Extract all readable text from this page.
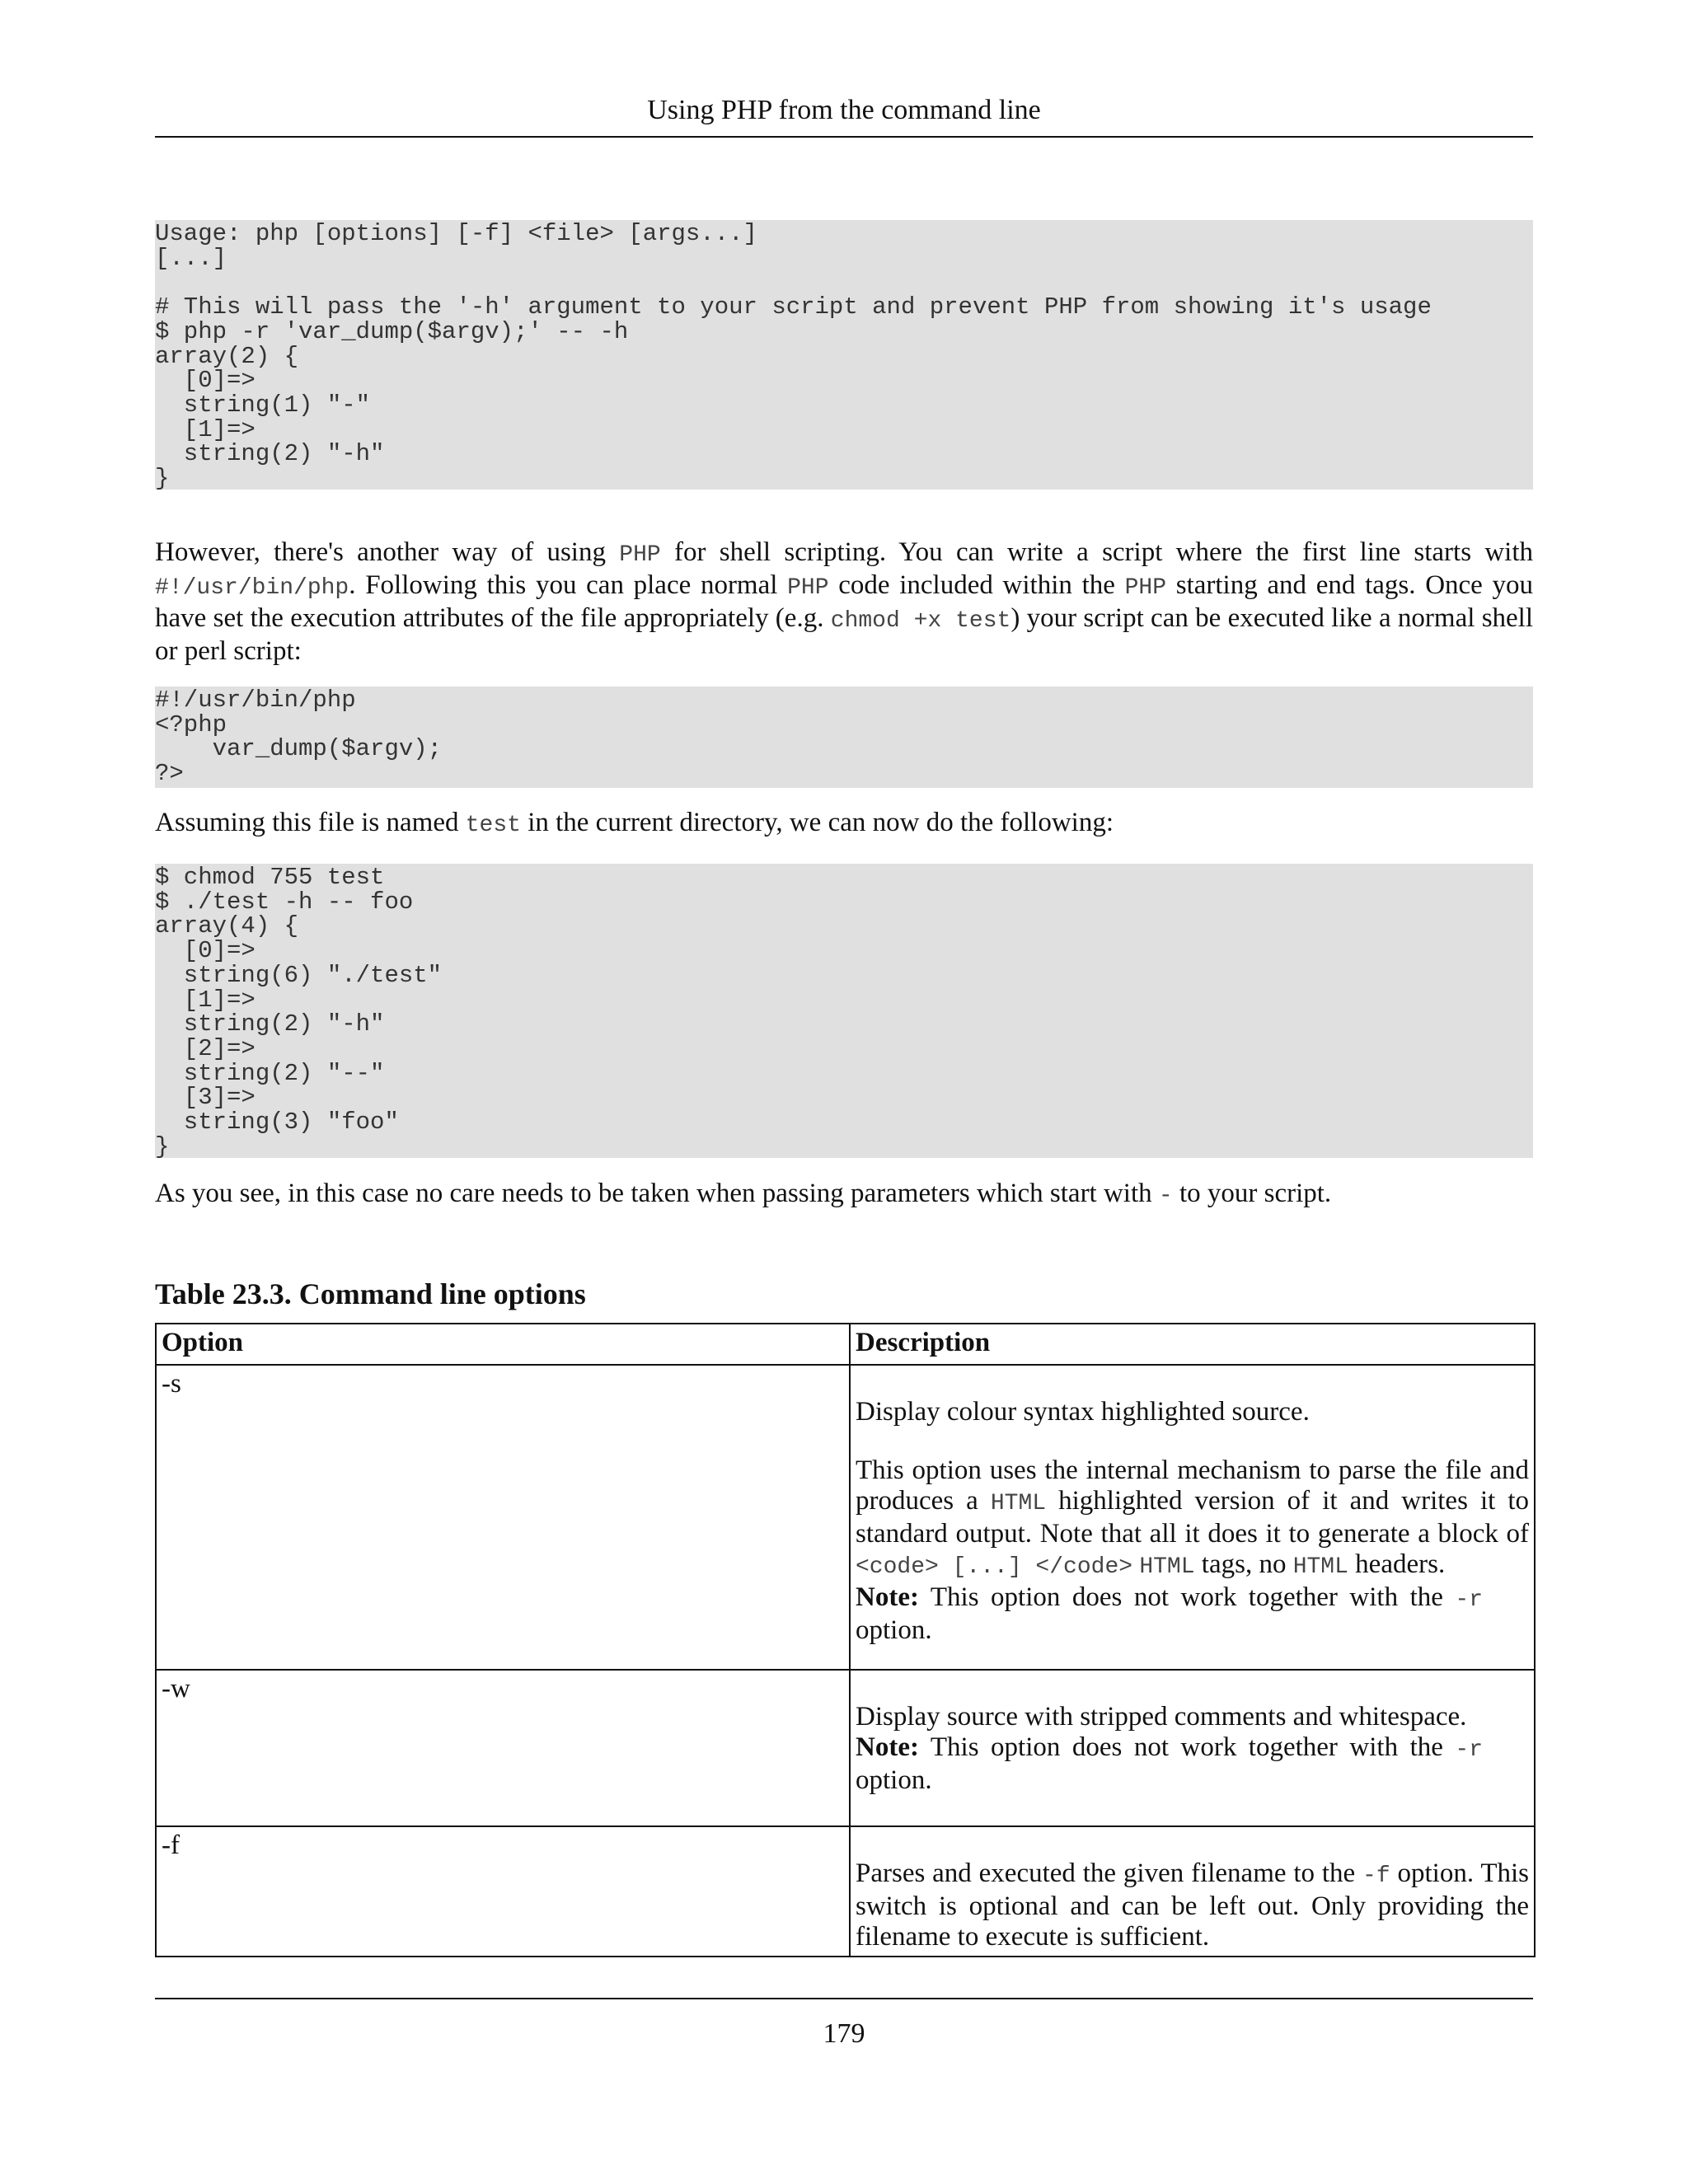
Using PHP from the command line
Usage: php [options] [-f] <file> [args...]
[...]

# This will pass the '-h' argument to your script and prevent PHP from showing it's usage
$ php -r 'var_dump($argv);' -- -h
array(2) {
[0]=>
string(1) "-"
[1]=>
string(2) "-h"
}

However, there's another way of using PHP for shell scripting. You can write a script where the first line starts with #!/usr/bin/php. Following this you can place normal PHP code included within the PHP starting and end tags. Once you have set the execution attributes of the file appropriately (e.g. chmod +x test) your script can be executed like a normal shell or perl script:

#!/usr/bin/php
<?php
var_dump($argv);
?>

Assuming this file is named test in the current directory, we can now do the following:

$ chmod 755 test
$ ./test -h -- foo
array(4) {
[0]=>
string(6) "./test"
[1]=>
string(2) "-h"
[2]=>
string(2) "--"
[3]=>
string(3) "foo"
}

As you see, in this case no care needs to be taken when passing parameters which start with - to your script.

Table 23.3. Command line options
Option	Description
-s	Display colour syntax highlighted source.

This option uses the internal mechanism to parse the file and produces a HTML highlighted version of it and writes it to standard output. Note that all it does it to generate a block of <code> [...] </code> HTML tags, no HTML headers.

Note: This option does not work together with the -r option.

-w	Display source with stripped comments and whitespace.

Note: This option does not work together with the -r option.

-f	Parses and executed the given filename to the -f option. This switch is optional and can be left out. Only providing the filename to execute is sufficient.

179
